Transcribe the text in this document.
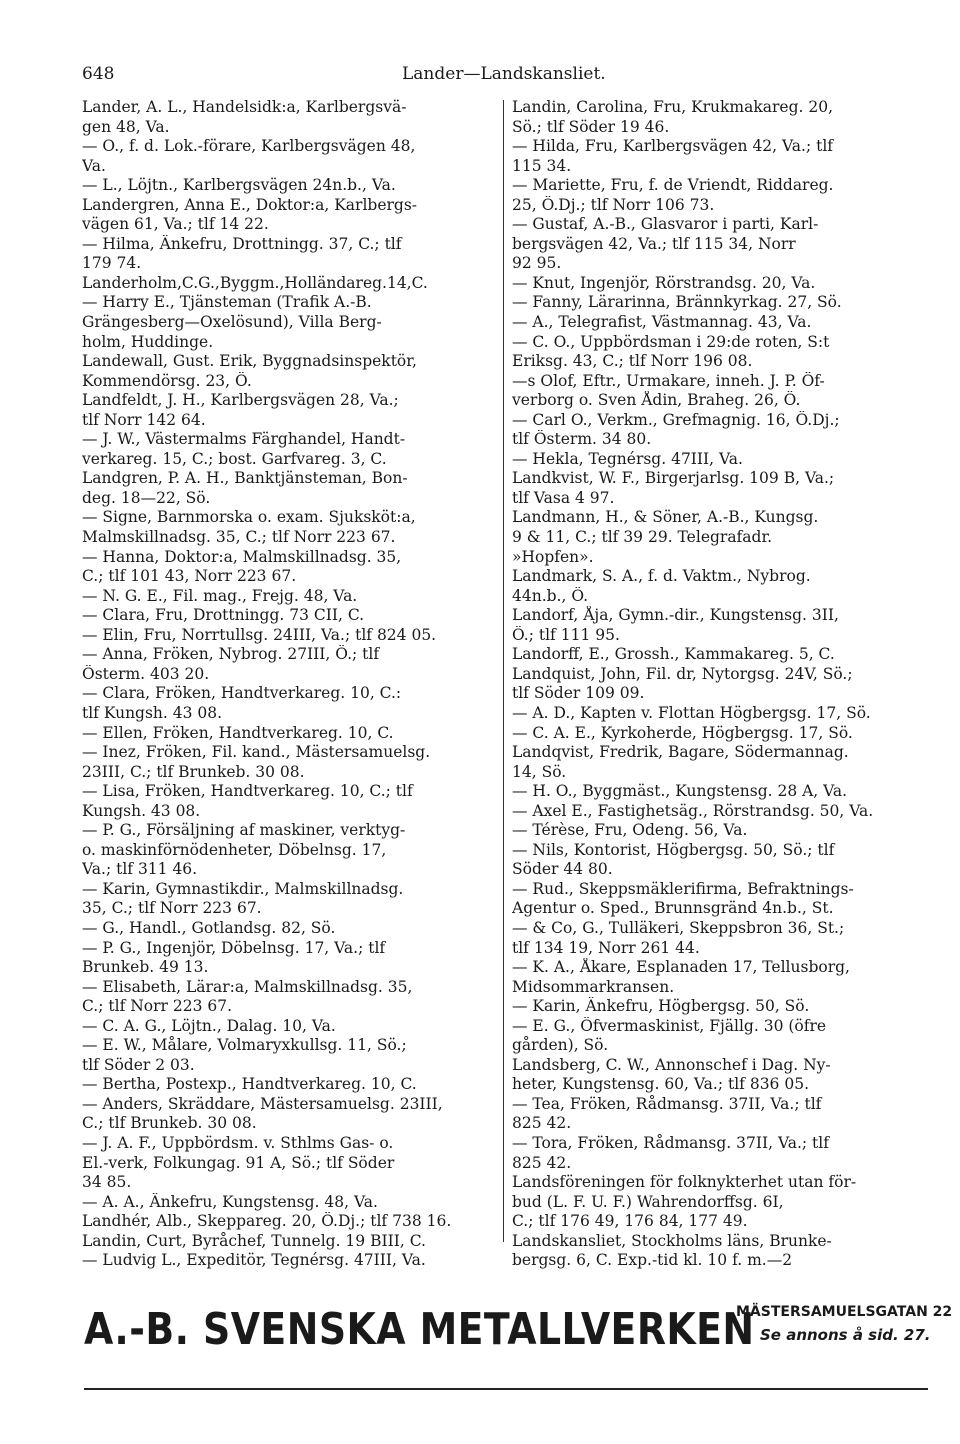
648	Lander—Landskansliet.
Lander, A. L., Handelsidk:a, Karlbergsvä-
gen 48, Va.
— O., f. d. Lok.-förare, Karlbergsvägen 48,
Va.
— L., Löjtn., Karlbergsvägen 24n.b., Va.
Landergren, Anna E., Doktor:a, Karlbergs-
vägen 61, Va.; tlf 14 22.
— Hilma, Änkefru, Drottningg. 37, C.; tlf
179 74.
Landerholm,C.G.,Byggm.,Holländareg.14,C.
— Harry E., Tjänsteman (Trafik A.-B.
Grängesberg—Oxelösund), Villa Berg-
holm, Huddinge.
Landewall, Gust. Erik, Byggnadsinspektör,
Kommendörsg. 23, Ö.
Landfeldt, J. H., Karlbergsvägen 28, Va.;
tlf Norr 142 64.
— J. W., Västermalms Färghandel, Handt-
verkareg. 15, C.; bost. Garfvareg. 3, C.
Landgren, P. A. H., Banktjänsteman, Bon-
deg. 18—22, Sö.
— Signe, Barnmorska o. exam. Sjuksköt:a,
Malmskillnadsg. 35, C.; tlf Norr 223 67.
— Hanna, Doktor:a, Malmskillnadsg. 35,
C.; tlf 101 43, Norr 223 67.
— N. G. E., Fil. mag., Frejg. 48, Va.
— Clara, Fru, Drottningg. 73 CII, C.
— Elin, Fru, Norrtullsg. 24III, Va.; tlf 824 05.
— Anna, Fröken, Nybrog. 27III, Ö.; tlf
Österm. 403 20.
— Clara, Fröken, Handtverkareg. 10, C.:
tlf Kungsh. 43 08.
— Ellen, Fröken, Handtverkareg. 10, C.
— Inez, Fröken, Fil. kand., Mästersamuelsg.
23III, C.; tlf Brunkeb. 30 08.
— Lisa, Fröken, Handtverkareg. 10, C.; tlf
Kungsh. 43 08.
— P. G., Försäljning af maskiner, verktyg-
o. maskinförnödenheter, Döbelnsg. 17,
Va.; tlf 311 46.
— Karin, Gymnastikdir., Malmskillnadsg.
35, C.; tlf Norr 223 67.
— G., Handl., Gotlandsg. 82, Sö.
— P. G., Ingenjör, Döbelnsg. 17, Va.; tlf
Brunkeb. 49 13.
— Elisabeth, Lärar:a, Malmskillnadsg. 35,
C.; tlf Norr 223 67.
— C. A. G., Löjtn., Dalag. 10, Va.
— E. W., Målare, Volmaryxkullsg. 11, Sö.;
tlf Söder 2 03.
— Bertha, Postexp., Handtverkareg. 10, C.
— Anders, Skräddare, Mästersamuelsg. 23III,
C.; tlf Brunkeb. 30 08.
— J. A. F., Uppbördsm. v. Sthlms Gas- o.
El.-verk, Folkungag. 91 A, Sö.; tlf Söder
34 85.
— A. A., Änkefru, Kungstensg. 48, Va.
Landhér, Alb., Skeppareg. 20, Ö.Dj.; tlf 738 16.
Landin, Curt, Byråchef, Tunnelg. 19 BIII, C.
— Ludvig L., Expeditör, Tegnérsg. 47III, Va.
Landin, Carolina, Fru, Krukmakareg. 20,
Sö.; tlf Söder 19 46.
— Hilda, Fru, Karlbergsvägen 42, Va.; tlf
115 34.
— Mariette, Fru, f. de Vriendt, Riddareg.
25, Ö.Dj.; tlf Norr 106 73.
— Gustaf, A.-B., Glasvaror i parti, Karl-
bergsvägen 42, Va.; tlf 115 34, Norr
92 95.
— Knut, Ingenjör, Rörstrandsg. 20, Va.
— Fanny, Lärarinna, Brännkyrkag. 27, Sö.
— A., Telegrafist, Västmannag. 43, Va.
— C. O., Uppbördsman i 29:de roten, S:t
Eriksg. 43, C.; tlf Norr 196 08.
—s Olof, Eftr., Urmakare, inneh. J. P. Öf-
verborg o. Sven Ådin, Braheg. 26, Ö.
— Carl O., Verkm., Grefmagnig. 16, Ö.Dj.;
tlf Österm. 34 80.
— Hekla, Tegnérsg. 47III, Va.
Landkvist, W. F., Birgerjarlsg. 109 B, Va.;
tlf Vasa 4 97.
Landmann, H., & Söner, A.-B., Kungsg.
9 & 11, C.; tlf 39 29. Telegrafadr.
»Hopfen».
Landmark, S. A., f. d. Vaktm., Nybrog.
44n.b., Ö.
Landorf, Åja, Gymn.-dir., Kungstensg. 3II,
Ö.; tlf 111 95.
Landorff, E., Grossh., Kammakareg. 5, C.
Landquist, John, Fil. dr, Nytorgsg. 24V, Sö.;
tlf Söder 109 09.
— A. D., Kapten v. Flottan Högbergsg. 17, Sö.
— C. A. E., Kyrkoherde, Högbergsg. 17, Sö.
Landqvist, Fredrik, Bagare, Södermannag.
14, Sö.
— H. O., Byggmäst., Kungstensg. 28 A, Va.
— Axel E., Fastighetsäg., Rörstrandsg. 50, Va.
— Térèse, Fru, Odeng. 56, Va.
— Nils, Kontorist, Högbergsg. 50, Sö.; tlf
Söder 44 80.
— Rud., Skeppsmäklerifirma, Befraktnings-
Agentur o. Sped., Brunnsgränd 4n.b., St.
— & Co, G., Tulläkeri, Skeppsbron 36, St.;
tlf 134 19, Norr 261 44.
— K. A., Åkare, Esplanaden 17, Tellusborg,
Midsommarkransen.
— Karin, Änkefru, Högbergsg. 50, Sö.
— E. G., Öfvermaskinist, Fjällg. 30 (öfre
gården), Sö.
Landsberg, C. W., Annonschef i Dag. Ny-
heter, Kungstensg. 60, Va.; tlf 836 05.
— Tea, Fröken, Rådmansg. 37II, Va.; tlf
825 42.
— Tora, Fröken, Rådmansg. 37II, Va.; tlf
825 42.
Landsföreningen för folknykterhet utan för-
bud (L. F. U. F.) Wahrendorffsg. 6I,
C.; tlf 176 49, 176 84, 177 49.
Landskansliet, Stockholms läns, Brunke-
bergsg. 6, C. Exp.-tid kl. 10 f. m.—2
A.-B. SVENSKA METALLVERKEN
MÄSTERSAMUELSGATAN 22
Se annons å sid. 27.
